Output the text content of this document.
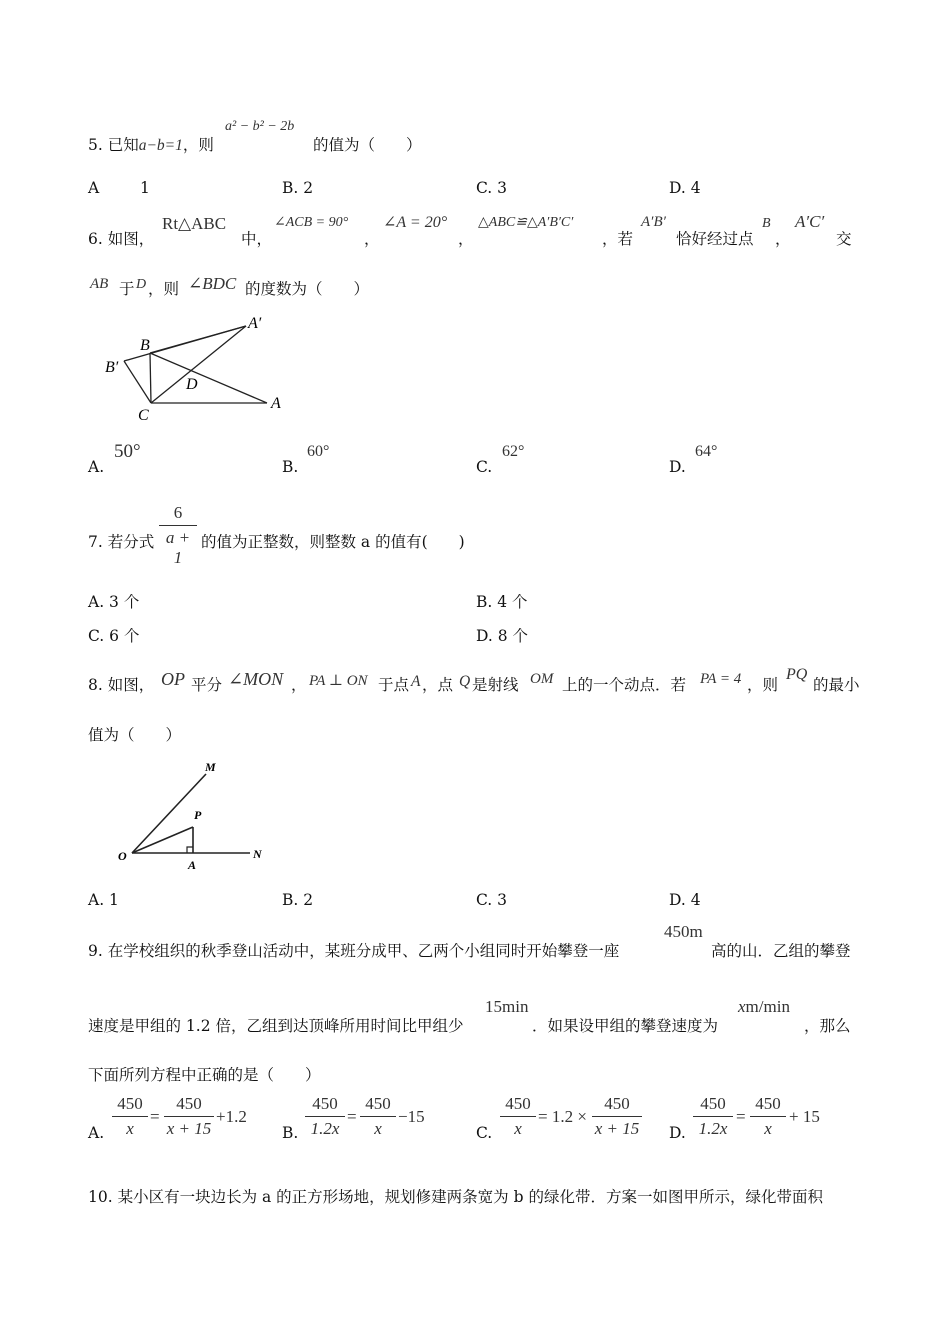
5. 已知a−b=1，则
a² − b² − 2b
的值为（　　）
A	1	B. 2	C. 3	D. 4
6. 如图，
Rt△ABC
中，
∠ACB = 90°
，
∠A = 20°
，
△ABC≌△A′B′C′
，若
A′B′
恰好经过点
B
，
A′C′
交
AB 于 D ，则 ∠BDC 的度数为（　　）
B
A′
B′
D
C
A
A.
50°
B.
60°
C.
62°
D.
64°
7. 若分式 $\frac{6}{a + 1}$ 的值为正整数，则整数 a 的值有(　　)
A. 3 个	B. 4 个
C. 6 个	D. 8 个
8. 如图， OP 平分 ∠MON ， PA ⊥ ON 于点 A ，点 Q 是射线 OM 上的一个动点．若 PA = 4 ，则
PQ
的最小
值为（　　）
M
P
O
A
N
A. 1	B. 2	C. 3	D. 4
9. 在学校组织的秋季登山活动中，某班分成甲、乙两个小组同时开始攀登一座
450m
高的山．乙组的攀登
速度是甲组的 1.2 倍，乙组到达顶峰所用时间比甲组少
15min
．如果设甲组的攀登速度为
xm/min
，那么
下面所列方程中正确的是（　　）
A. $\frac{450}{x} = \frac{450}{x + 15} +1.2$
B. $\frac{450}{1.2x} = \frac{450}{x} -15$
C. $\frac{450}{x} = 1.2 \times \frac{450}{x + 15} D$. $\frac{450}{1.2x} = \frac{450}{x} + 15$
10. 某小区有一块边长为 a 的正方形场地，规划修建两条宽为 b 的绿化带．方案一如图甲所示，绿化带面积
